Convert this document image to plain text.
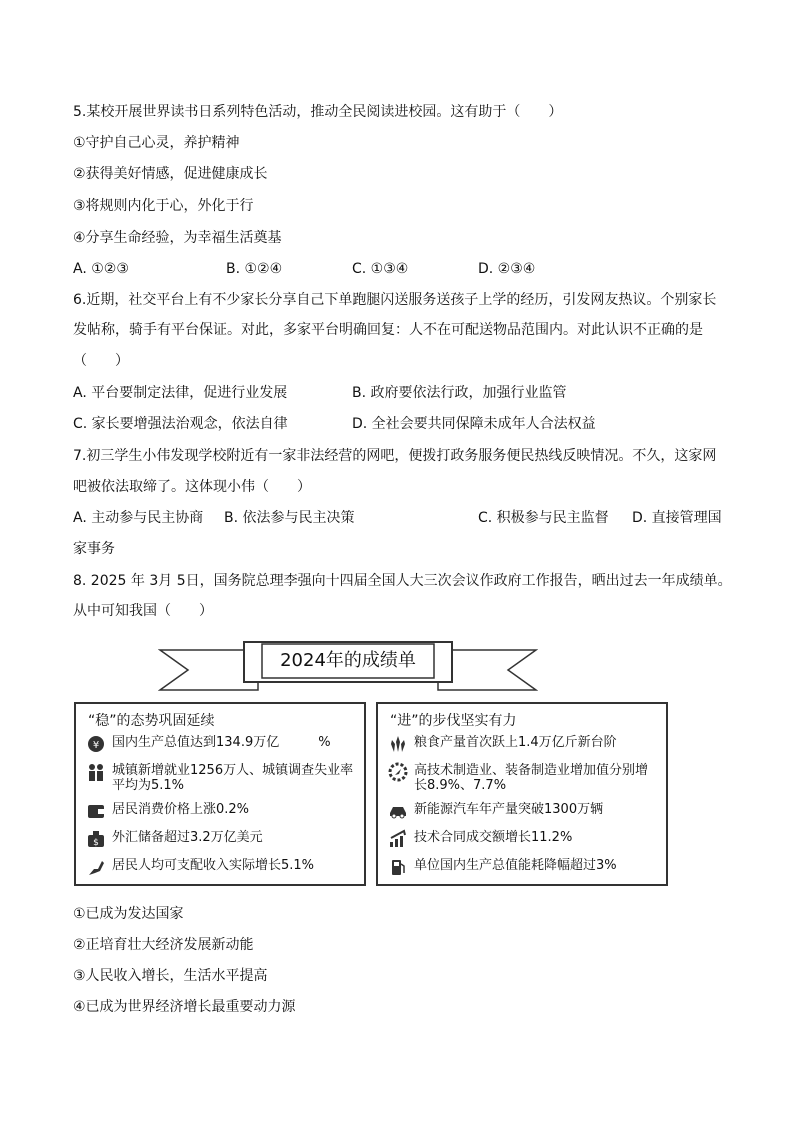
5.某校开展世界读书日系列特色活动，推动全民阅读进校园。这有助于（　　）
①守护自己心灵，养护精神
②获得美好情感，促进健康成长
③将规则内化于心，外化于行
④分享生命经验，为幸福生活奠基
A. ①②③	B. ①②④	C. ①③④	D. ②③④
6.近期，社交平台上有不少家长分享自己下单跑腿闪送服务送孩子上学的经历，引发网友热议。个别家长
发帖称，骑手有平台保证。对此，多家平台明确回复：人不在可配送物品范围内。对此认识不正确的是
（　　）
A. 平台要制定法律，促进行业发展	B. 政府要依法行政，加强行业监管
C. 家长要增强法治观念，依法自律	D. 全社会要共同保障未成年人合法权益
7.初三学生小伟发现学校附近有一家非法经营的网吧，便拨打政务服务便民热线反映情况。不久，这家网
吧被依法取缔了。这体现小伟（　　）
A. 主动参与民主协商 B. 依法参与民主决策	C. 积极参与民主监督 D. 直接管理国
家事务
8. 2025 年 3月 5日，国务院总理李强向十四届全国人大三次会议作政府工作报告，晒出过去一年成绩单。
从中可知我国（　　）
2024年的成绩单
“稳”的态势巩固延续
¥ 国内生产总值达到134.9万亿　　　%
城镇新增就业1256万人、城镇调查失业率平均为5.1%
居民消费价格上涨0.2%
$ 外汇储备超过3.2万亿美元
居民人均可支配收入实际增长5.1%
“进”的步伐坚实有力
粮食产量首次跃上1.4万亿斤新台阶
高技术制造业、装备制造业增加值分别增长8.9%、7.7%
新能源汽车年产量突破1300万辆
技术合同成交额增长11.2%
单位国内生产总值能耗降幅超过3%
①已成为发达国家
②正培育壮大经济发展新动能
③人民收入增长，生活水平提高
④已成为世界经济增长最重要动力源
